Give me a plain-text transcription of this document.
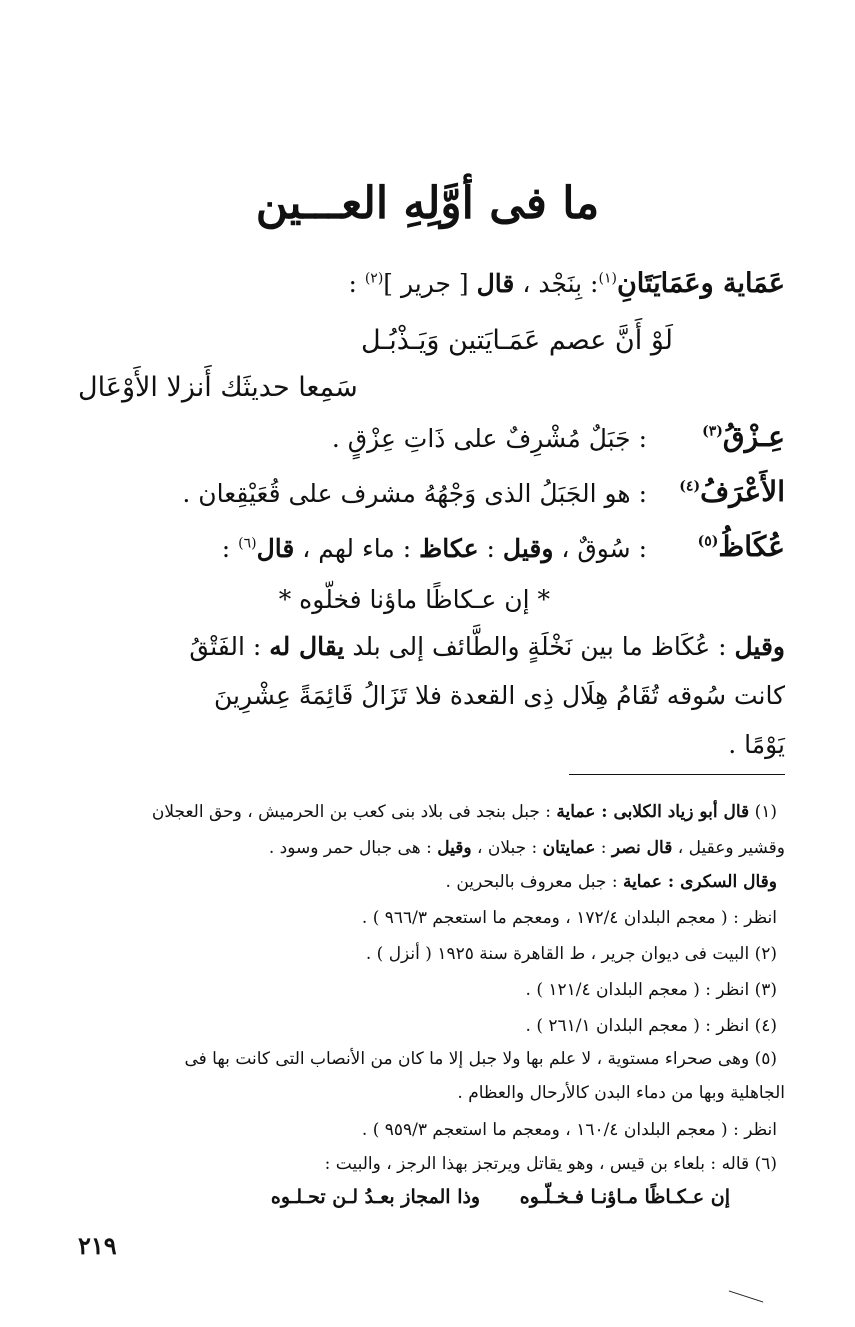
ما فى أوَّلِهِ العـــين
عَمَاية وعَمَايَتَانِ$^{(١)}$: بِنَجْد ، قال [ جرير ]$^{(٢)}$ :
لَوْ أَنَّ عصم عَمَـايَتين وَيَـذْبُـل
سَمِعا حديثَك أَنزلا الأَوْعَال
عِـزْقُ$^{(٣)}$
: جَبَلٌ مُشْرِفٌ على ذَاتِ عِزْقٍ .
الأَعْرَفُ$^{(٤)}$
: هو الجَبَلُ الذى وَجْهُهُ مشرف على قُعَيْقِعان .
عُكَاظُ$^{(٥)}$
: سُوقٌ ، وقيل : عكاظ : ماء لهم ، قال$^{(٦)}$ :
* إن عـكاظًا ماؤنا فخلّوه *
وقيل : عُكَاظ ما بين نَخْلَةٍ والطَّائف إلى بلد يقال له : الفَتْقُ
كانت سُوقه تُقَامُ هِلَال ذِى القعدة فلا تَزَالُ قَائِمَةً عِشْرِينَ
يَوْمًا .
(١) قال أبو زياد الكلابى : عماية : جبل بنجد فى بلاد بنى كعب بن الحرميش ، وحق العجلان
وقشير وعقيل ، قال نصر : عمايتان : جبلان ، وقيل : هى جبال حمر وسود .
وقال السكرى : عماية : جبل معروف بالبحرين .
انظر : ( معجم البلدان ١٧٢/٤ ، ومعجم ما استعجم ٩٦٦/٣ ) .
(٢) البيت فى ديوان جرير ، ط القاهرة سنة ١٩٢٥ ( أنزل ) .
(٣) انظر : ( معجم البلدان ١٢١/٤ ) .
(٤) انظر : ( معجم البلدان ٢٦١/١ ) .
(٥) وهى صحراء مستوية ، لا علم بها ولا جبل إلا ما كان من الأنصاب التى كانت بها فى
الجاهلية وبها من دماء البدن كالأرحال والعظام .
انظر : ( معجم البلدان ١٦٠/٤ ، ومعجم ما استعجم ٩٥٩/٣ ) .
(٦) قاله : بلعاء بن قيس ، وهو يقاتل ويرتجز بهذا الرجز ، والبيت :
إن عـكـاظًا مـاؤنـا فـخـلّـوه      وذا المجاز بعـدُ لـن تحـلـوه
٢١٩
